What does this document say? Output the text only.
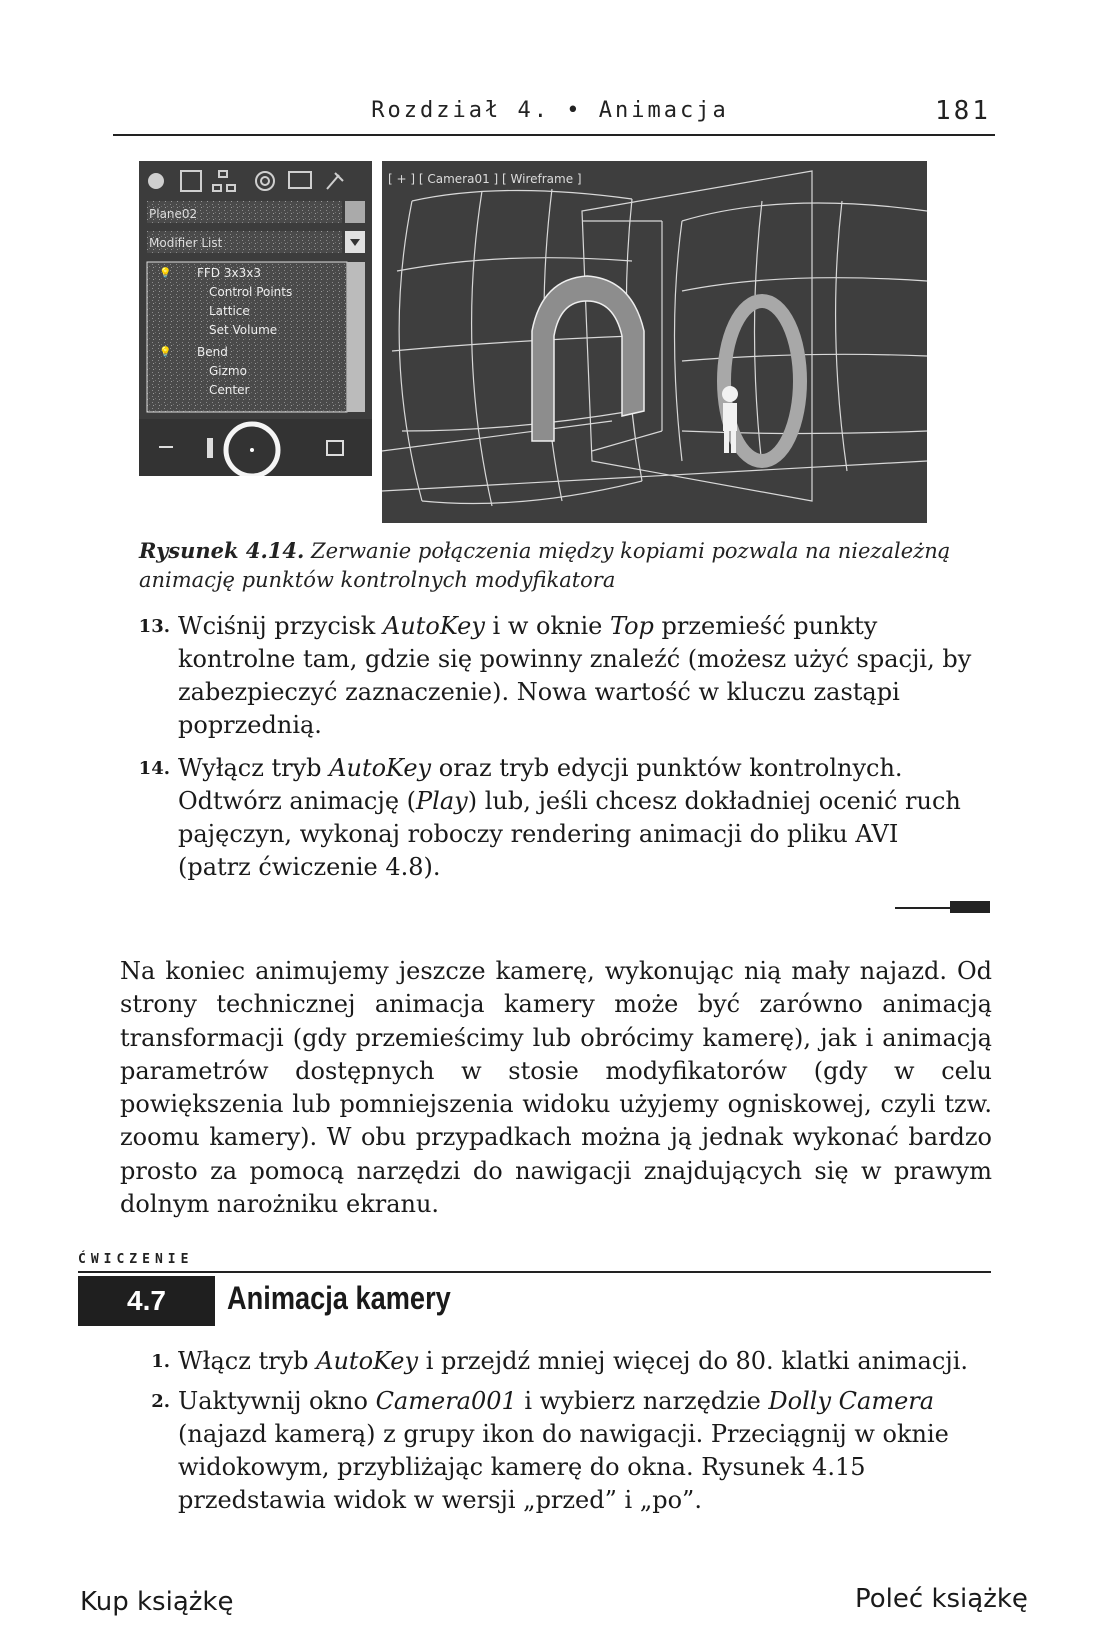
Rozdział 4. • Animacja	181
Plane02
Modifier List
💡 FFD 3x3x3
Control Points
Lattice
Set Volume
💡 Bend
Gizmo
Center
[ + ] [ Camera01 ] [ Wireframe ]
Rysunek 4.14. Zerwanie połączenia między kopiami pozwala na niezależną animację punktów kontrolnych modyfikatora
13. Wciśnij przycisk AutoKey i w oknie Top przemieść punkty kontrolne tam, gdzie się powinny znaleźć (możesz użyć spacji, by zabezpieczyć zaznaczenie). Nowa wartość w kluczu zastąpi poprzednią.
14. Wyłącz tryb AutoKey oraz tryb edycji punktów kontrolnych. Odtwórz animację (Play) lub, jeśli chcesz dokładniej ocenić ruch pajęczyn, wykonaj roboczy rendering animacji do pliku AVI (patrz ćwiczenie 4.8).
Na koniec animujemy jeszcze kamerę, wykonując nią mały najazd. Od strony technicznej animacja kamery może być zarówno animacją transformacji (gdy przemieścimy lub obrócimy kamerę), jak i animacją parametrów dostępnych w stosie modyfikatorów (gdy w celu powiększenia lub pomniejszenia widoku użyjemy ogniskowej, czyli tzw. zoomu kamery). W obu przypadkach można ją jednak wykonać bardzo prosto za pomocą narzędzi do nawigacji znajdujących się w prawym dolnym narożniku ekranu.
ĆWICZENIE
4.7	Animacja kamery
1. Włącz tryb AutoKey i przejdź mniej więcej do 80. klatki animacji.
2. Uaktywnij okno Camera001 i wybierz narzędzie Dolly Camera (najazd kamerą) z grupy ikon do nawigacji. Przeciągnij w oknie widokowym, przybliżając kamerę do okna. Rysunek 4.15 przedstawia widok w wersji „przed” i „po”.
Kup książkę	Poleć książkę
